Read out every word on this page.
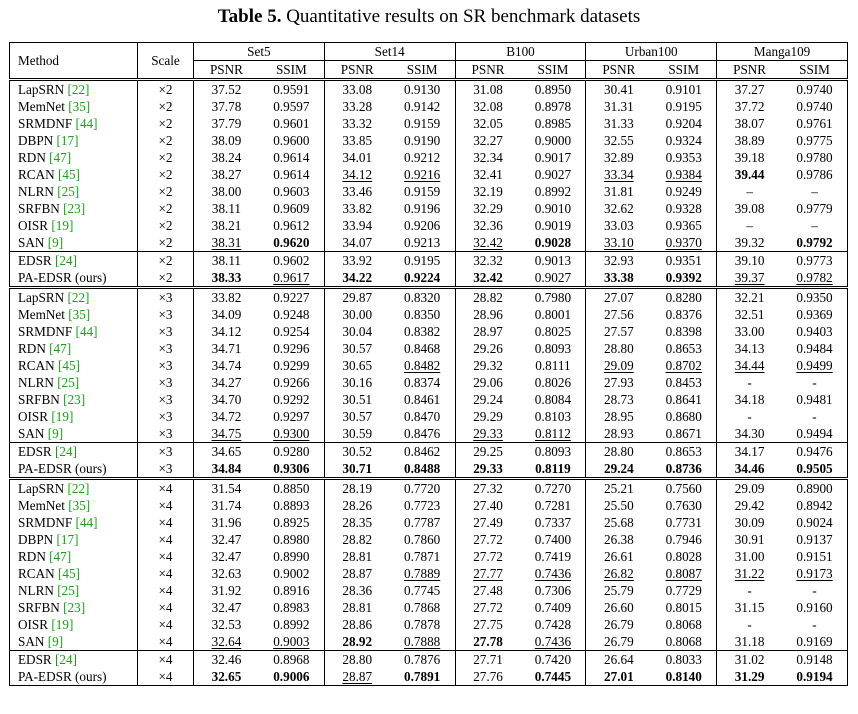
Table 5. Quantitative results on SR benchmark datasets
Method	Scale	Set5		Set14		B100		Urban100		Manga109	
		PSNR	SSIM	PSNR	SSIM	PSNR	SSIM	PSNR	SSIM	PSNR	SSIM
LapSRN [22]	×2	37.52	0.9591	33.08	0.9130	31.08	0.8950	30.41	0.9101	37.27	0.9740
MemNet [35]	×2	37.78	0.9597	33.28	0.9142	32.08	0.8978	31.31	0.9195	37.72	0.9740
SRMDNF [44]	×2	37.79	0.9601	33.32	0.9159	32.05	0.8985	31.33	0.9204	38.07	0.9761
DBPN [17]	×2	38.09	0.9600	33.85	0.9190	32.27	0.9000	32.55	0.9324	38.89	0.9775
RDN [47]	×2	38.24	0.9614	34.01	0.9212	32.34	0.9017	32.89	0.9353	39.18	0.9780
RCAN [45]	×2	38.27	0.9614	34.12	0.9216	32.41	0.9027	33.34	0.9384	39.44	0.9786
NLRN [25]	×2	38.00	0.9603	33.46	0.9159	32.19	0.8992	31.81	0.9249	–	–
SRFBN [23]	×2	38.11	0.9609	33.82	0.9196	32.29	0.9010	32.62	0.9328	39.08	0.9779
OISR [19]	×2	38.21	0.9612	33.94	0.9206	32.36	0.9019	33.03	0.9365	–	–
SAN [9]	×2	38.31	0.9620	34.07	0.9213	32.42	0.9028	33.10	0.9370	39.32	0.9792
EDSR [24]	×2	38.11	0.9602	33.92	0.9195	32.32	0.9013	32.93	0.9351	39.10	0.9773
PA-EDSR (ours)	×2	38.33	0.9617	34.22	0.9224	32.42	0.9027	33.38	0.9392	39.37	0.9782
LapSRN [22]	×3	33.82	0.9227	29.87	0.8320	28.82	0.7980	27.07	0.8280	32.21	0.9350
MemNet [35]	×3	34.09	0.9248	30.00	0.8350	28.96	0.8001	27.56	0.8376	32.51	0.9369
SRMDNF [44]	×3	34.12	0.9254	30.04	0.8382	28.97	0.8025	27.57	0.8398	33.00	0.9403
RDN [47]	×3	34.71	0.9296	30.57	0.8468	29.26	0.8093	28.80	0.8653	34.13	0.9484
RCAN [45]	×3	34.74	0.9299	30.65	0.8482	29.32	0.8111	29.09	0.8702	34.44	0.9499
NLRN [25]	×3	34.27	0.9266	30.16	0.8374	29.06	0.8026	27.93	0.8453	-	-
SRFBN [23]	×3	34.70	0.9292	30.51	0.8461	29.24	0.8084	28.73	0.8641	34.18	0.9481
OISR [19]	×3	34.72	0.9297	30.57	0.8470	29.29	0.8103	28.95	0.8680	-	-
SAN [9]	×3	34.75	0.9300	30.59	0.8476	29.33	0.8112	28.93	0.8671	34.30	0.9494
EDSR [24]	×3	34.65	0.9280	30.52	0.8462	29.25	0.8093	28.80	0.8653	34.17	0.9476
PA-EDSR (ours)	×3	34.84	0.9306	30.71	0.8488	29.33	0.8119	29.24	0.8736	34.46	0.9505
LapSRN [22]	×4	31.54	0.8850	28.19	0.7720	27.32	0.7270	25.21	0.7560	29.09	0.8900
MemNet [35]	×4	31.74	0.8893	28.26	0.7723	27.40	0.7281	25.50	0.7630	29.42	0.8942
SRMDNF [44]	×4	31.96	0.8925	28.35	0.7787	27.49	0.7337	25.68	0.7731	30.09	0.9024
DBPN [17]	×4	32.47	0.8980	28.82	0.7860	27.72	0.7400	26.38	0.7946	30.91	0.9137
RDN [47]	×4	32.47	0.8990	28.81	0.7871	27.72	0.7419	26.61	0.8028	31.00	0.9151
RCAN [45]	×4	32.63	0.9002	28.87	0.7889	27.77	0.7436	26.82	0.8087	31.22	0.9173
NLRN [25]	×4	31.92	0.8916	28.36	0.7745	27.48	0.7306	25.79	0.7729	-	-
SRFBN [23]	×4	32.47	0.8983	28.81	0.7868	27.72	0.7409	26.60	0.8015	31.15	0.9160
OISR [19]	×4	32.53	0.8992	28.86	0.7878	27.75	0.7428	26.79	0.8068	-	-
SAN [9]	×4	32.64	0.9003	28.92	0.7888	27.78	0.7436	26.79	0.8068	31.18	0.9169
EDSR [24]	×4	32.46	0.8968	28.80	0.7876	27.71	0.7420	26.64	0.8033	31.02	0.9148
PA-EDSR (ours)	×4	32.65	0.9006	28.87	0.7891	27.76	0.7445	27.01	0.8140	31.29	0.9194
